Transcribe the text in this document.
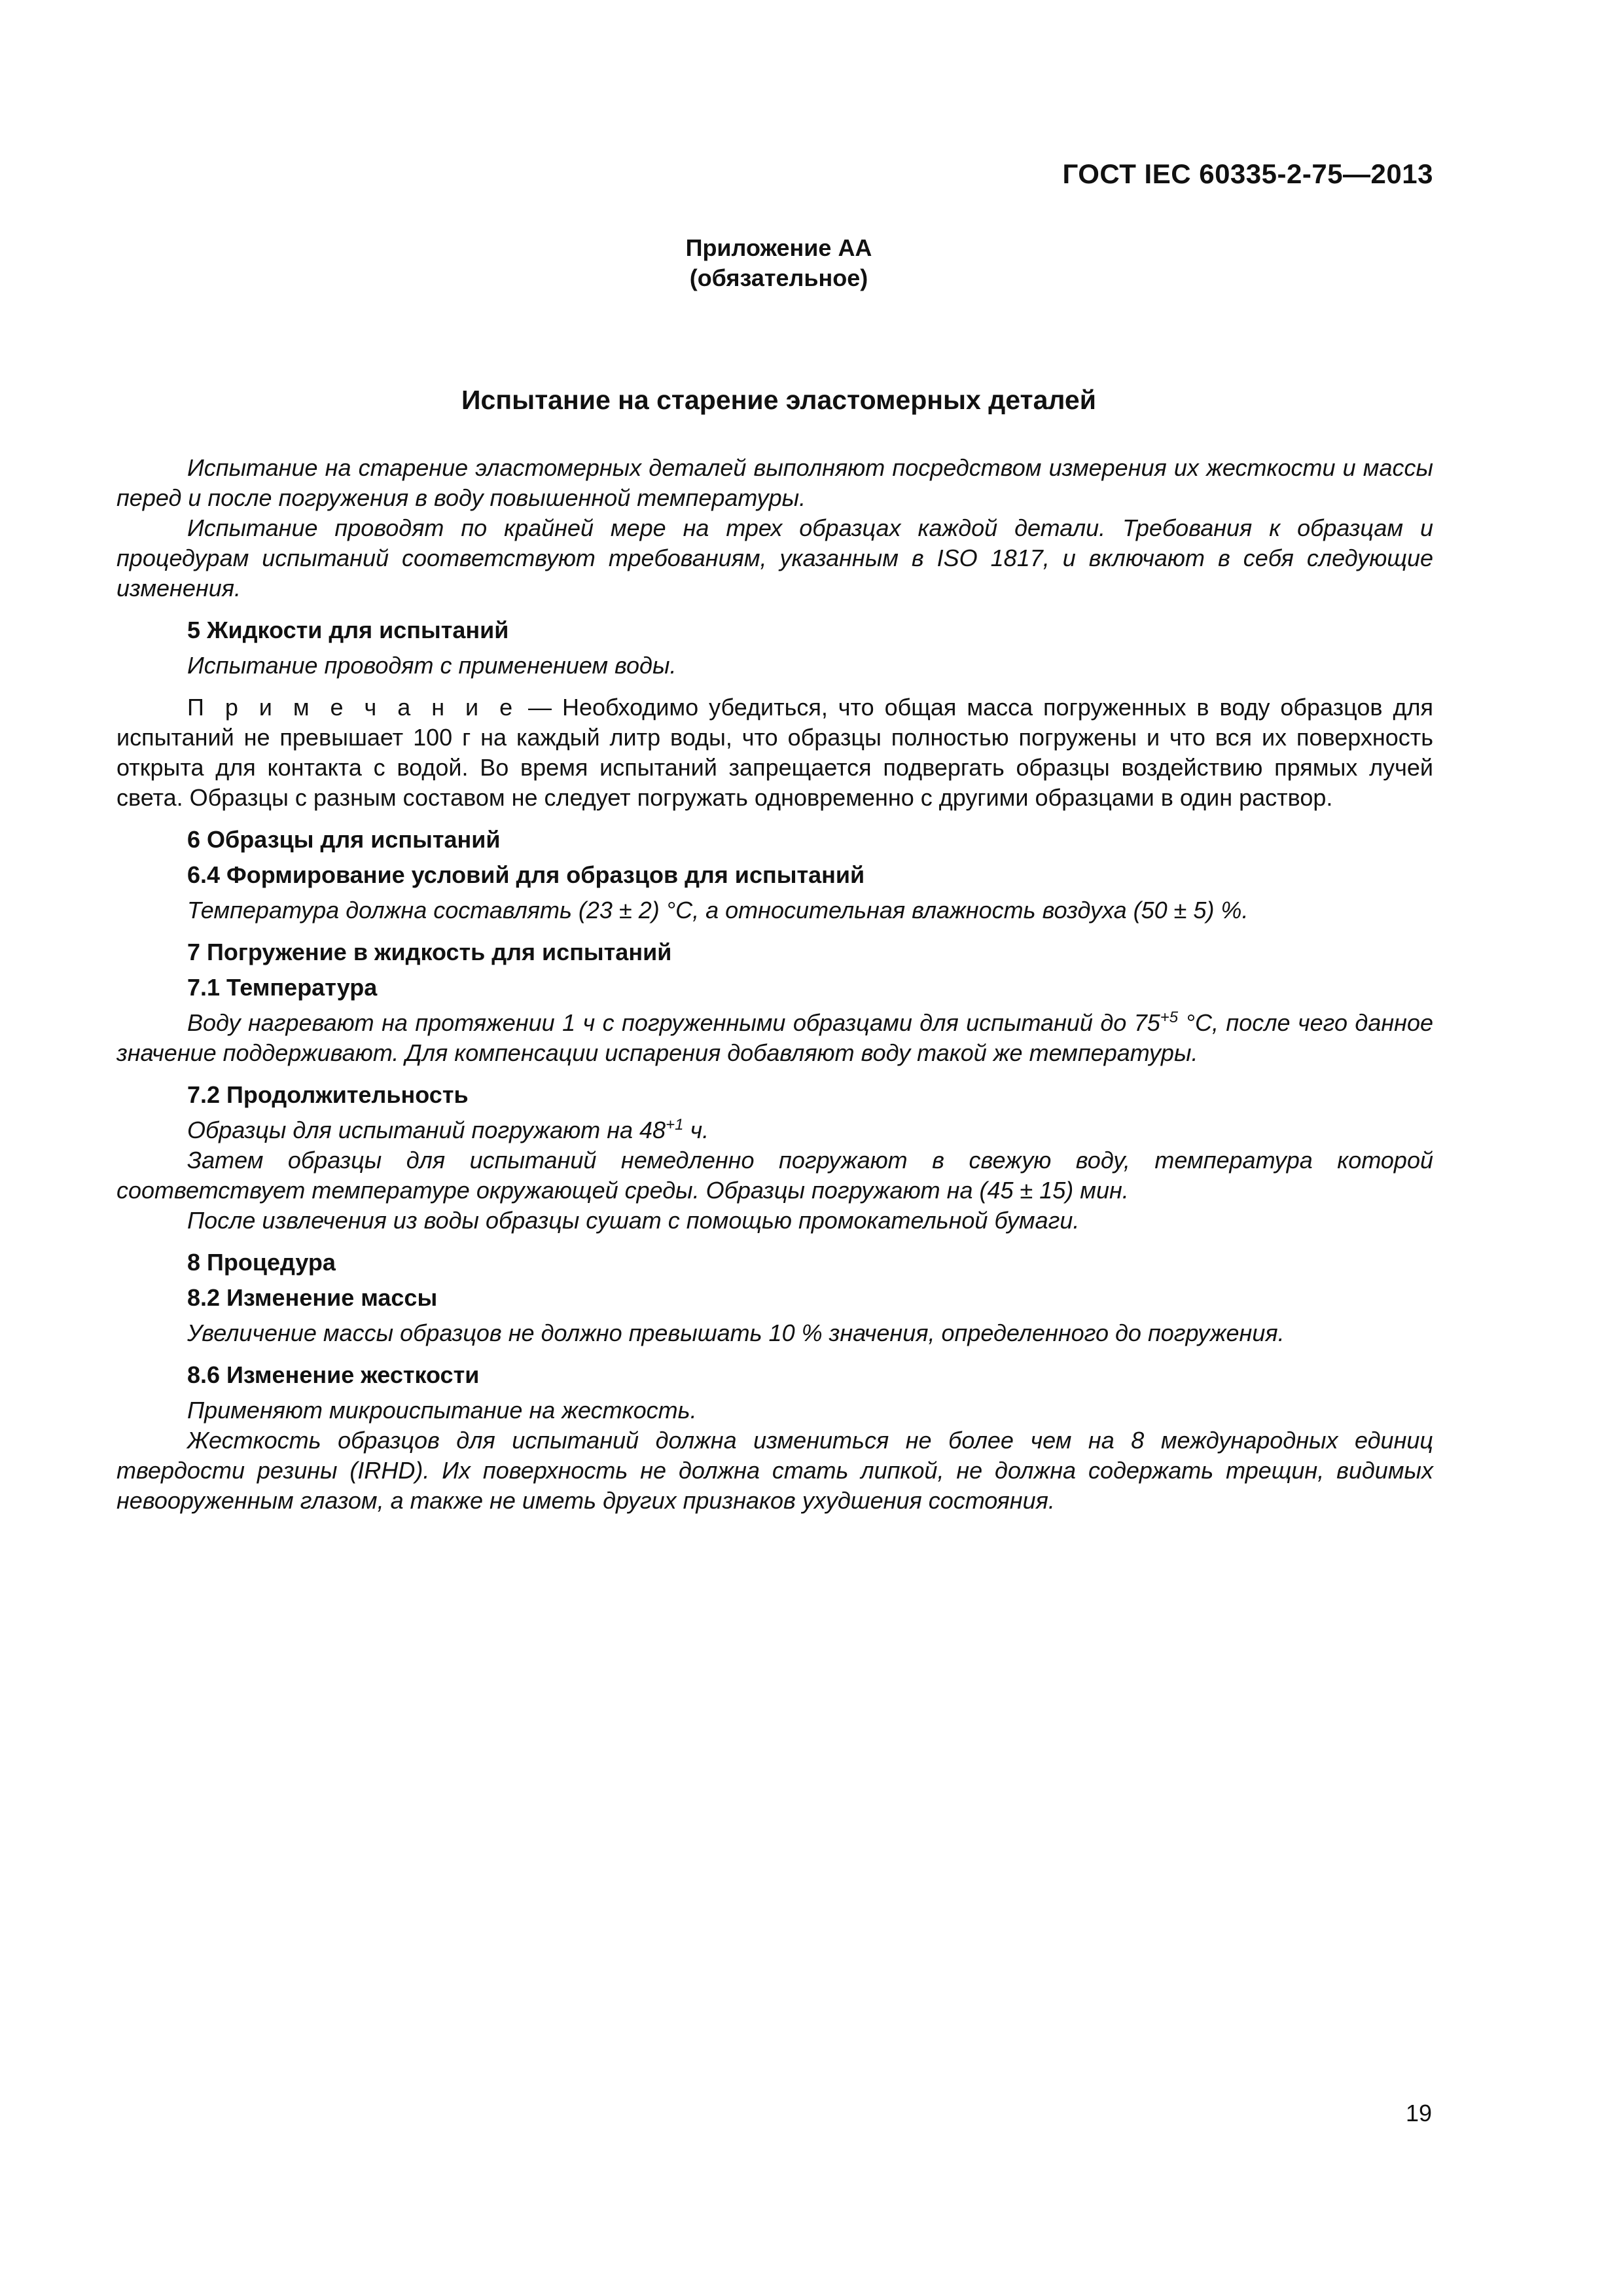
ГОСТ IEC 60335-2-75—2013
Приложение АА
(обязательное)
Испытание на старение эластомерных деталей

Испытание на старение эластомерных деталей выполняют посредством измерения их жесткости и массы перед и после погружения в воду повышенной температуры.

Испытание проводят по крайней мере на трех образцах каждой детали. Требования к образцам и процедурам испытаний соответствуют требованиям, указанным в ISO 1817, и включают в себя следующие изменения.

5 Жидкости для испытаний

Испытание проводят с применением воды.

П р и м е ч а н и е — Необходимо убедиться, что общая масса погруженных в воду образцов для испытаний не превышает 100 г на каждый литр воды, что образцы полностью погружены и что вся их поверхность открыта для контакта с водой. Во время испытаний запрещается подвергать образцы воздействию прямых лучей света. Образцы с разным составом не следует погружать одновременно с другими образцами в один раствор.

6 Образцы для испытаний

6.4 Формирование условий для образцов для испытаний

Температура должна составлять (23 ± 2) °С, а относительная влажность воздуха (50 ± 5) %.

7 Погружение в жидкость для испытаний

7.1 Температура

Воду нагревают на протяжении 1 ч с погруженными образцами для испытаний до $75^{+5}$ °С, после чего данное значение поддерживают. Для компенсации испарения добавляют воду такой же температуры.

7.2 Продолжительность

Образцы для испытаний погружают на $48^{+1}$ ч.

Затем образцы для испытаний немедленно погружают в свежую воду, температура которой соответствует температуре окружающей среды. Образцы погружают на (45 ± 15) мин.

После извлечения из воды образцы сушат с помощью промокательной бумаги.

8 Процедура

8.2 Изменение массы

Увеличение массы образцов не должно превышать 10 % значения, определенного до погружения.

8.6 Изменение жесткости

Применяют микроиспытание на жесткость.

Жесткость образцов для испытаний должна измениться не более чем на 8 международных единиц твердости резины (IRHD). Их поверхность не должна стать липкой, не должна содержать трещин, видимых невооруженным глазом, а также не иметь других признаков ухудшения состояния.

19
